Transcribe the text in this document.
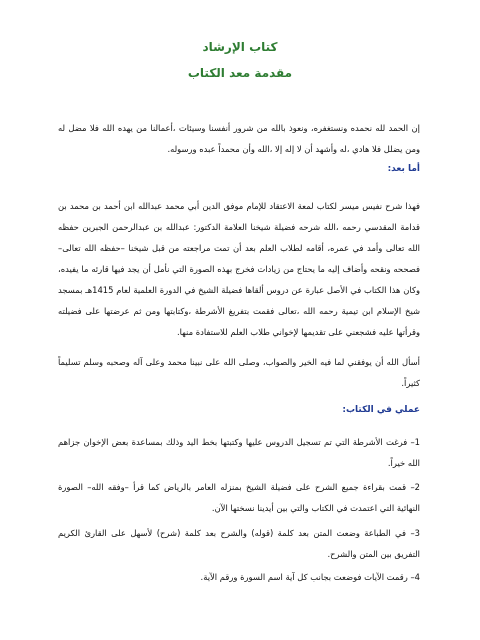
كتاب الإرشاد
مقدمة معد الكتاب

إن الحمد لله نحمده ونستغفره، ونعوذ بالله من شرور أنفسنا وسيئات ،أعمالنا من يهده الله فلا مضل له ومن يضلل فلا هادي ،له وأشهد أن لا إله إلا ،الله وأن محمداً عبده ورسوله.

أما بعد:

فهذا شرح نفيس ميسر لكتاب لمعة الاعتقاد للإمام موفق الدين أبي محمد عبدالله ابن أحمد بن محمد بن قدامة المقدسي رحمه ،الله شرحه فضيلة شيخنا العلامة الدكتور: عبدالله بن عبدالرحمن الجبرين حفظه الله تعالى وأمد في عمره، أقامه لطلاب العلم بعد أن تمت مراجعته من قبل شيخنا –حفظه الله تعالى– فصححه ونقحه وأضاف إليه ما يحتاج من زيادات فخرج بهذه الصورة التي نأمل أن يجد فيها قارئه ما يفيده، وكان هذا الكتاب في الأصل عبارة عن دروس ألقاها فضيلة الشيخ في الدورة العلمية لعام 1415هـ بمسجد شيخ الإسلام ابن تيمية رحمه الله ،تعالى فقمت بتفريغ الأشرطة ،وكتابتها ومن ثم عرضتها على فضيلته وقرأتها عليه فشجعني على تقديمها لإخواني طلاب العلم للاستفادة منها.

أسأل الله أن يوفقني لما فيه الخير والصواب، وصلى الله على نبينا محمد وعلى آله وصحبه وسلم تسليماً كثيراً.

عملي في الكتاب:

1– فرغت الأشرطة التي تم تسجيل الدروس عليها وكتبتها بخط اليد وذلك بمساعدة بعض الإخوان جزاهم الله خيراً.

2– قمت بقراءة جميع الشرح على فضيلة الشيخ بمنزله العامر بالرياض كما قرأ –وفقه الله– الصورة النهائية التي اعتمدت في الكتاب والتي بين أيدينا نسختها الآن.

3– في الطباعة وضعت المتن بعد كلمة (قوله) والشرح بعد كلمة (شرح) لأسهل على القارئ الكريم التفريق بين المتن والشرح.

4– رقمت الآيات فوضعت بجانب كل آية اسم السورة ورقم الآية.
